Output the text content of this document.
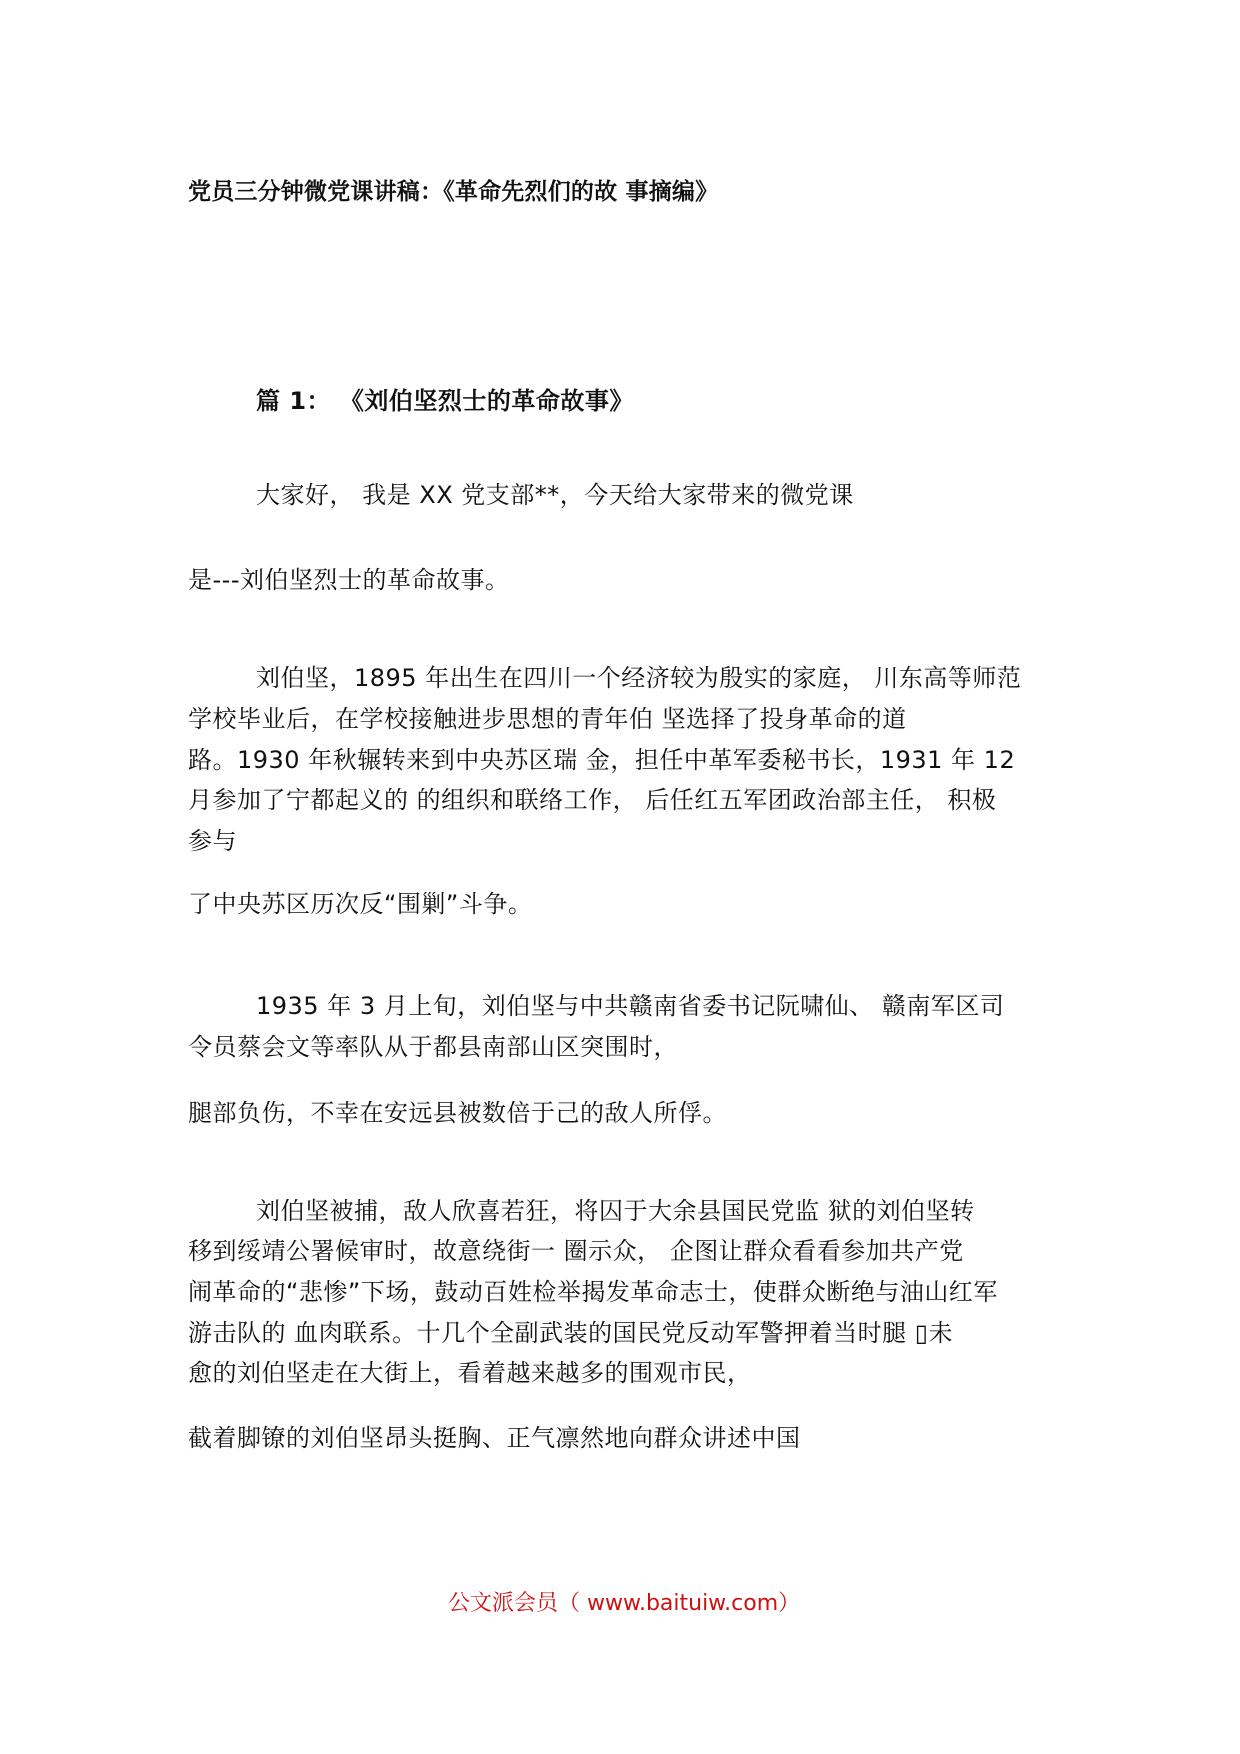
党员三分钟微党课讲稿：《革命先烈们的故 事摘编》
篇 1： 《刘伯坚烈士的革命故事》
大家好， 我是 XX 党支部**，今天给大家带来的微党课
是---刘伯坚烈士的革命故事。
刘伯坚，1895 年出生在四川一个经济较为殷实的家庭， 川东高等师范
学校毕业后，在学校接触进步思想的青年伯 坚选择了投身革命的道
路。1930 年秋辗转来到中央苏区瑞 金，担任中革军委秘书长，1931 年 12
月参加了宁都起义的 的组织和联络工作， 后任红五军团政治部主任， 积极
参与
了中央苏区历次反“围剿”斗争。
1935 年 3 月上旬，刘伯坚与中共赣南省委书记阮啸仙、 赣南军区司
令员蔡会文等率队从于都县南部山区突围时，
腿部负伤，不幸在安远县被数倍于己的敌人所俘。
刘伯坚被捕，敌人欣喜若狂，将囚于大余县国民党监 狱的刘伯坚转
移到绥靖公署候审时，故意绕街一 圈示众， 企图让群众看看参加共产党
闹革命的“悲惨”下场，鼓动百姓检举揭发革命志士，使群众断绝与油山红军
游击队的 血肉联系。十几个全副武装的国民党反动军警押着当时腿 ▯未
愈的刘伯坚走在大街上，看着越来越多的围观市民，
截着脚镣的刘伯坚昂头挺胸、正气凛然地向群众讲述中国
公文派会员（ www.baituiw.com）
